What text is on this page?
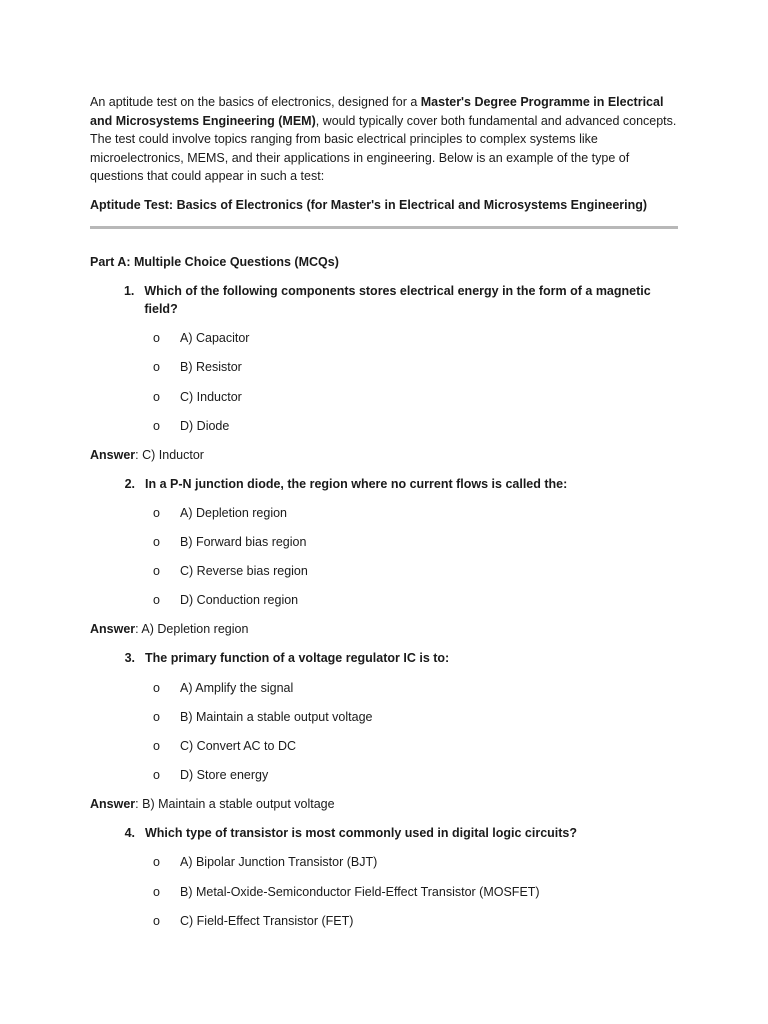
An aptitude test on the basics of electronics, designed for a Master's Degree Programme in Electrical and Microsystems Engineering (MEM), would typically cover both fundamental and advanced concepts. The test could involve topics ranging from basic electrical principles to complex systems like microelectronics, MEMS, and their applications in engineering. Below is an example of the type of questions that could appear in such a test:

Aptitude Test: Basics of Electronics (for Master's in Electrical and Microsystems Engineering)

Part A: Multiple Choice Questions (MCQs)

1. Which of the following components stores electrical energy in the form of a magnetic field?
o	A) Capacitor
o	B) Resistor
o	C) Inductor
o	D) Diode

Answer: C) Inductor

2. In a P-N junction diode, the region where no current flows is called the:
o	A) Depletion region
o	B) Forward bias region
o	C) Reverse bias region
o	D) Conduction region

Answer: A) Depletion region

3. The primary function of a voltage regulator IC is to:
o	A) Amplify the signal
o	B) Maintain a stable output voltage
o	C) Convert AC to DC
o	D) Store energy

Answer: B) Maintain a stable output voltage

4. Which type of transistor is most commonly used in digital logic circuits?
o	A) Bipolar Junction Transistor (BJT)
o	B) Metal-Oxide-Semiconductor Field-Effect Transistor (MOSFET)
o	C) Field-Effect Transistor (FET)
